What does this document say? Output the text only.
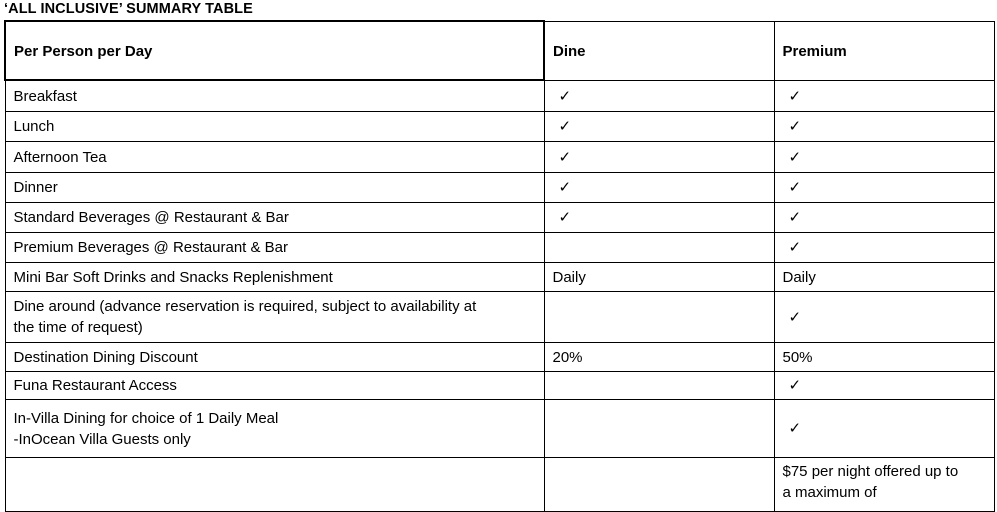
‘ALL INCLUSIVE’ SUMMARY TABLE
Per Person per Day	Dine	Premium
Breakfast	✓	✓
Lunch	✓	✓
Afternoon Tea	✓	✓
Dinner	✓	✓
Standard Beverages @ Restaurant & Bar	✓	✓
Premium Beverages @ Restaurant & Bar		✓
Mini Bar Soft Drinks and Snacks Replenishment	Daily	Daily

Dine around (advance reservation is required, subject to availability at
the time of request)		✓
Destination Dining Discount	20%	50%
Funa Restaurant Access		✓

In-Villa Dining for choice of 1 Daily Meal
-InOcean Villa Guests only		✓

		$75 per night offered up to
a maximum of
